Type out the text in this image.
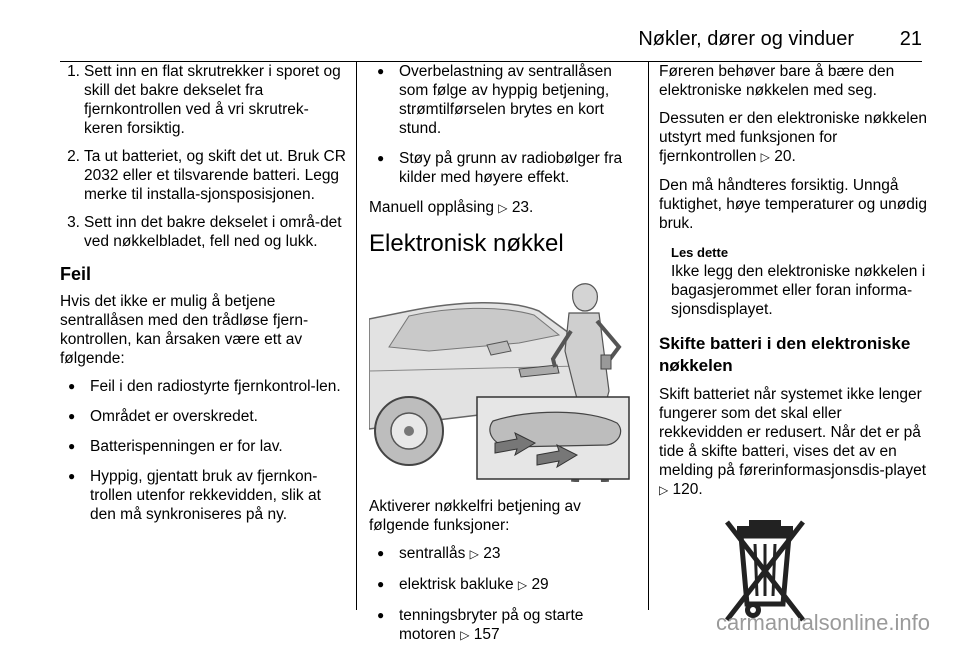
Nøkler, dører og vinduer 21
1. Sett inn en flat skrutrekker i sporet og skill det bakre dekselet fra fjernkontrollen ved å vri skrutrek-keren forsiktig.
2. Ta ut batteriet, og skift det ut. Bruk CR 2032 eller et tilsvarende batteri. Legg merke til installa-sjonsposisjonen.
3. Sett inn det bakre dekselet i områ-det ved nøkkelbladet, fell ned og lukk.
Feil

Hvis det ikke er mulig å betjene sentrallåsen med den trådløse fjern-kontrollen, kan årsaken være ett av følgende:

● Feil i den radiostyrte fjernkontrol-len.
● Området er overskredet.
● Batterispenningen er for lav.
● Hyppig, gjentatt bruk av fjernkon-trollen utenfor rekkevidden, slik at den må synkroniseres på ny.
● Overbelastning av sentrallåsen som følge av hyppig betjening, strømtilførselen brytes en kort stund.
● Støy på grunn av radiobølger fra kilder med høyere effekt.

Manuell opplåsing ▷ 23.

Elektronisk nøkkel

Aktiverer nøkkelfri betjening av følgende funksjoner:

● sentrallås ▷ 23
● elektrisk bakluke ▷ 29
● tenningsbryter på og starte motoren ▷ 157

Føreren behøver bare å bære den elektroniske nøkkelen med seg.

Dessuten er den elektroniske nøkkelen utstyrt med funksjonen for fjernkontrollen ▷ 20.

Den må håndteres forsiktig. Unngå fuktighet, høye temperaturer og unødig bruk.

Les dette
Ikke legg den elektroniske nøkkelen i bagasjerommet eller foran informa-sjonsdisplayet.
Skifte batteri i den elektroniske nøkkelen

Skift batteriet når systemet ikke lenger fungerer som det skal eller rekkevidden er redusert. Når det er på tide å skifte batteri, vises det av en melding på førerinformasjonsdis-playet ▷ 120.

carmanualsonline.info
